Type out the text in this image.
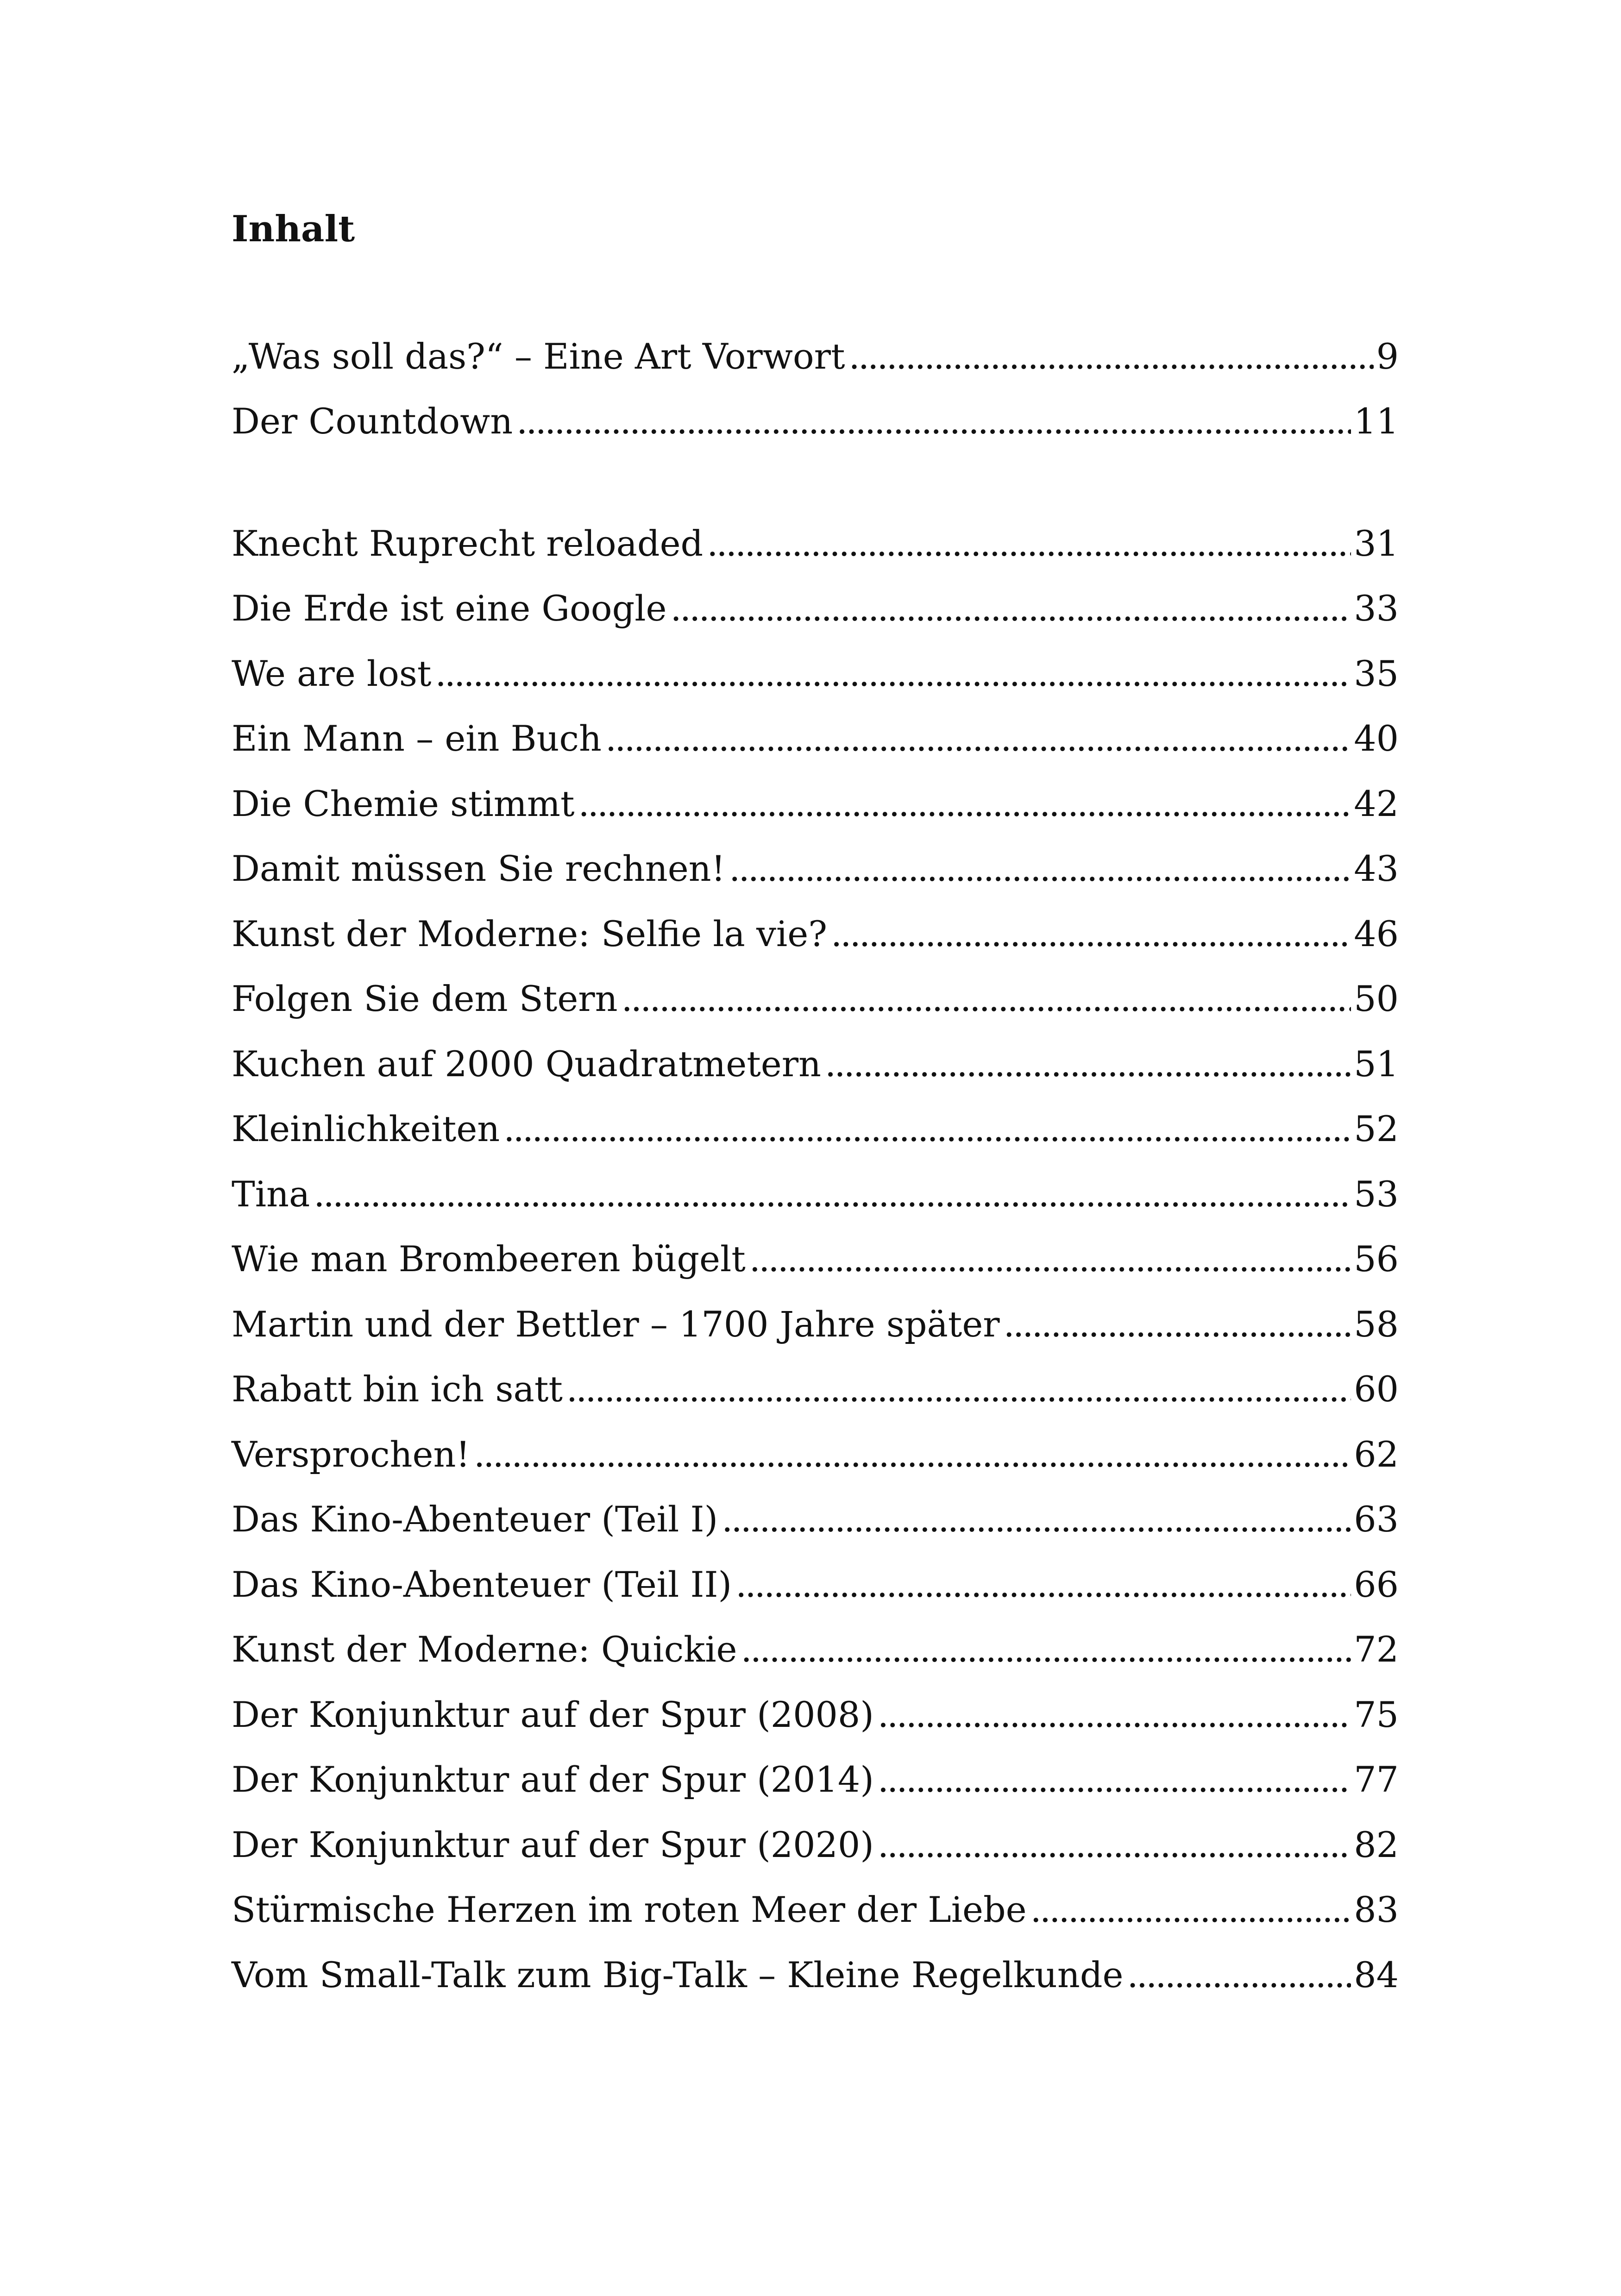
Inhalt
„Was soll das?“ – Eine Art Vorwort . . .	9
Der Countdown . . .	11
Knecht Ruprecht reloaded . . .	31
Die Erde ist eine Google . . .	33
We are lost . . .	35
Ein Mann – ein Buch . . .	40
Die Chemie stimmt . . .	42
Damit müssen Sie rechnen! . . .	43
Kunst der Moderne: Selfie la vie? . . .	46
Folgen Sie dem Stern . . .	50
Kuchen auf 2000 Quadratmetern . . .	51
Kleinlichkeiten . . .	52
Tina . . .	53
Wie man Brombeeren bügelt . . .	56
Martin und der Bettler – 1700 Jahre später . . .	58
Rabatt bin ich satt . . .	60
Versprochen! . . .	62
Das Kino-Abenteuer (Teil I) . . .	63
Das Kino-Abenteuer (Teil II) . . .	66
Kunst der Moderne: Quickie . . .	72
Der Konjunktur auf der Spur (2008) . . .	75
Der Konjunktur auf der Spur (2014) . . .	77
Der Konjunktur auf der Spur (2020) . . .	82
Stürmische Herzen im roten Meer der Liebe . . .	83
Vom Small-Talk zum Big-Talk – Kleine Regelkunde . . .	84
